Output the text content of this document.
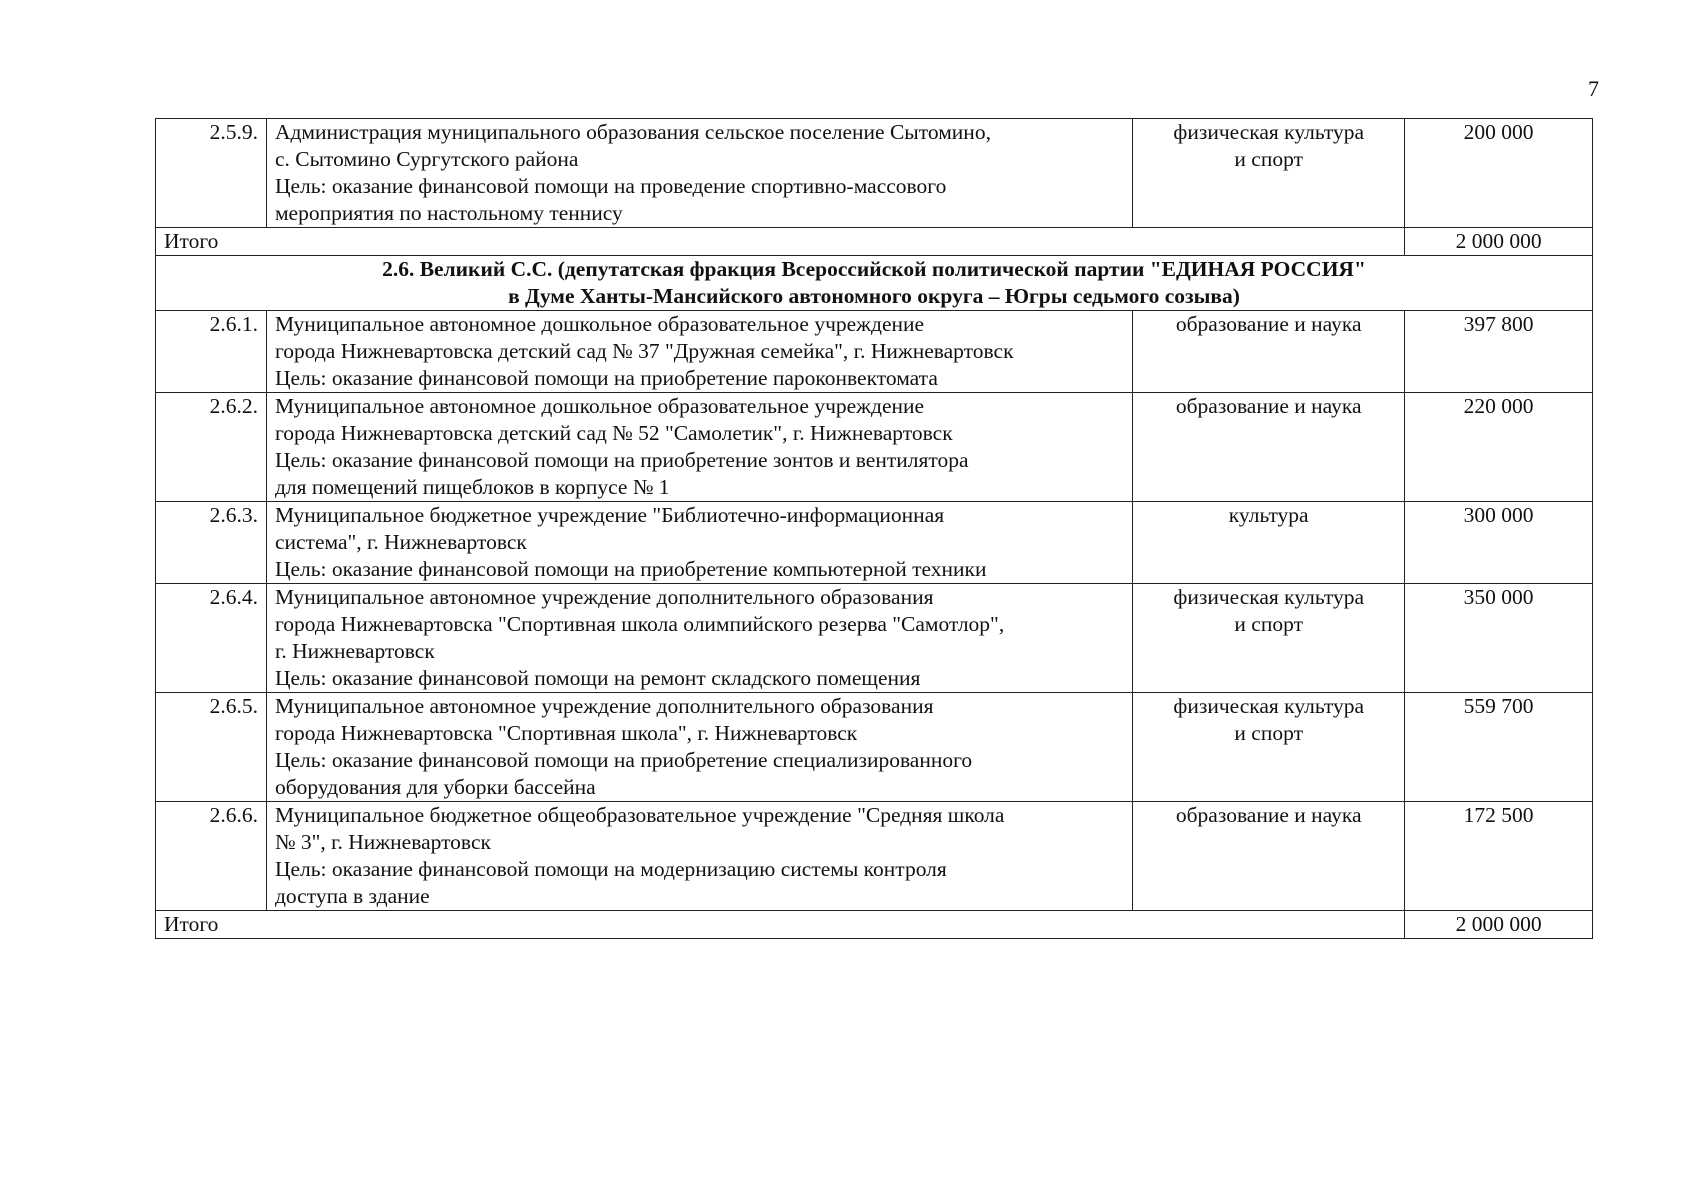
7
2.5.9.	Администрация муниципального образования сельское поселение Сытомино,
с. Сытомино Сургутского района
Цель: оказание финансовой помощи на проведение спортивно-массового
мероприятия по настольному теннису	физическая культура
и спорт	200 000
Итого			2 000 000

2.6. Великий С.С. (депутатская фракция Всероссийской политической партии "ЕДИНАЯ РОССИЯ"
в Думе Ханты-Мансийского автономного округа – Югры седьмого созыва)			

2.6.1.	Муниципальное автономное дошкольное образовательное учреждение
города Нижневартовска детский сад № 37 "Дружная семейка", г. Нижневартовск
Цель: оказание финансовой помощи на приобретение пароконвектомата	образование и наука	397 800
2.6.2.	Муниципальное автономное дошкольное образовательное учреждение
города Нижневартовска детский сад № 52 "Самолетик", г. Нижневартовск
Цель: оказание финансовой помощи на приобретение зонтов и вентилятора
для помещений пищеблоков в корпусе № 1	образование и наука	220 000
2.6.3.	Муниципальное бюджетное учреждение "Библиотечно-информационная
система", г. Нижневартовск
Цель: оказание финансовой помощи на приобретение компьютерной техники	культура	300 000
2.6.4.	Муниципальное автономное учреждение дополнительного образования
города Нижневартовска "Спортивная школа олимпийского резерва "Самотлор",
г. Нижневартовск
Цель: оказание финансовой помощи на ремонт складского помещения	физическая культура
и спорт	350 000
2.6.5.	Муниципальное автономное учреждение дополнительного образования
города Нижневартовска "Спортивная школа", г. Нижневартовск
Цель: оказание финансовой помощи на приобретение специализированного
оборудования для уборки бассейна	физическая культура
и спорт	559 700
2.6.6.	Муниципальное бюджетное общеобразовательное учреждение "Средняя школа
№ 3", г. Нижневартовск
Цель: оказание финансовой помощи на модернизацию системы контроля
доступа в здание	образование и наука	172 500
Итого			2 000 000
